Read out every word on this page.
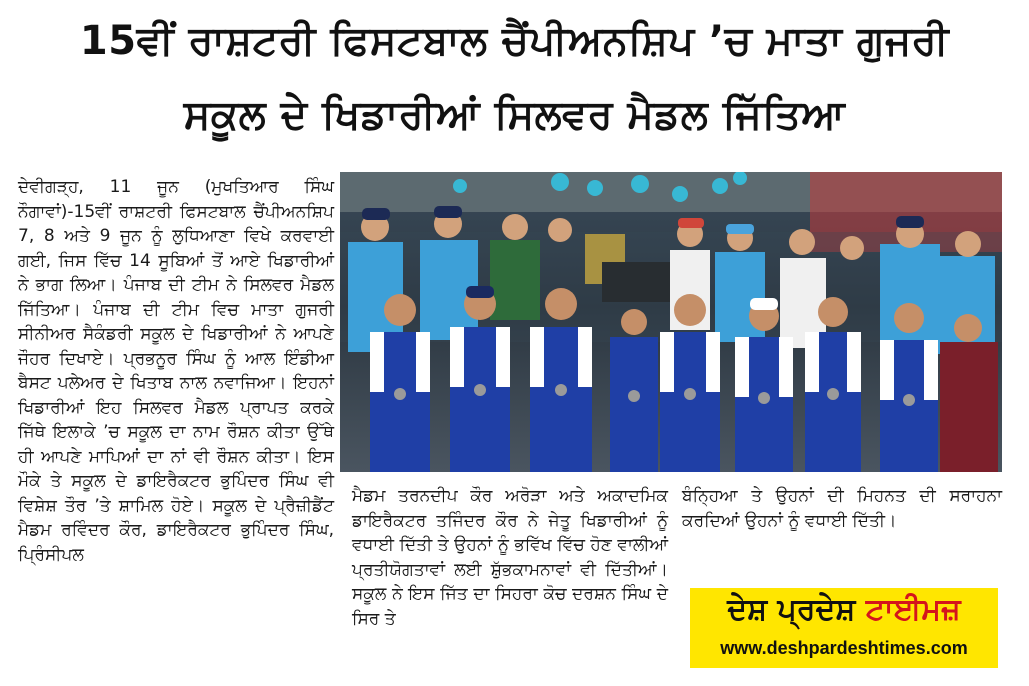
15ਵੀਂ ਰਾਸ਼ਟਰੀ ਫਿਸਟਬਾਲ ਚੈਂਪੀਅਨਸ਼ਿਪ ’ਚ ਮਾਤਾ ਗੁਜਰੀ
ਸਕੂਲ ਦੇ ਖਿਡਾਰੀਆਂ ਸਿਲਵਰ ਮੈਡਲ ਜਿੱਤਿਆ

ਦੇਵੀਗੜ੍ਹ, 11 ਜੂਨ (ਮੁਖਤਿਆਰ ਸਿੰਘ ਨੌਗਾਵਾਂ)-15ਵੀਂ ਰਾਸ਼ਟਰੀ ਫਿਸਟਬਾਲ ਚੈਂਪੀਅਨਸ਼ਿਪ 7, 8 ਅਤੇ 9 ਜੂਨ ਨੂੰ ਲੁਧਿਆਣਾ ਵਿਖੇ ਕਰਵਾਈ ਗਈ, ਜਿਸ ਵਿੱਚ 14 ਸੂਬਿਆਂ ਤੋਂ ਆਏ ਖਿਡਾਰੀਆਂ ਨੇ ਭਾਗ ਲਿਆ। ਪੰਜਾਬ ਦੀ ਟੀਮ ਨੇ ਸਿਲਵਰ ਮੈਡਲ ਜਿੱਤਿਆ। ਪੰਜਾਬ ਦੀ ਟੀਮ ਵਿਚ ਮਾਤਾ ਗੁਜਰੀ ਸੀਨੀਅਰ ਸੈਕੰਡਰੀ ਸਕੂਲ ਦੇ ਖਿਡਾਰੀਆਂ ਨੇ ਆਪਣੇ ਜੌਹਰ ਦਿਖਾਏ। ਪ੍ਰਭਨੂਰ ਸਿੰਘ ਨੂੰ ਆਲ ਇੰਡੀਆ ਬੈਸਟ ਪਲੇਅਰ ਦੇ ਖਿਤਾਬ ਨਾਲ ਨਵਾਜਿਆ। ਇਹਨਾਂ ਖਿਡਾਰੀਆਂ ਇਹ ਸਿਲਵਰ ਮੈਡਲ ਪ੍ਰਾਪਤ ਕਰਕੇ ਜਿੱਥੇ ਇਲਾਕੇ ’ਚ ਸਕੂਲ ਦਾ ਨਾਮ ਰੌਸ਼ਨ ਕੀਤਾ ਉੱਥੇ ਹੀ ਆਪਣੇ ਮਾਪਿਆਂ ਦਾ ਨਾਂ ਵੀ ਰੌਸ਼ਨ ਕੀਤਾ। ਇਸ ਮੌਕੇ ਤੇ ਸਕੂਲ ਦੇ ਡਾਇਰੈਕਟਰ ਭੁਪਿੰਦਰ ਸਿੰਘ ਵੀ ਵਿਸ਼ੇਸ਼ ਤੌਰ ’ਤੇ ਸ਼ਾਮਿਲ ਹੋਏ। ਸਕੂਲ ਦੇ ਪ੍ਰੈਜ਼ੀਡੈਂਟ ਮੈਡਮ ਰਵਿੰਦਰ ਕੌਰ, ਡਾਇਰੈਕਟਰ ਭੁਪਿੰਦਰ ਸਿੰਘ, ਪ੍ਰਿੰਸੀਪਲ

ਮੈਡਮ ਤਰਨਦੀਪ ਕੌਰ ਅਰੋੜਾ ਅਤੇ ਅਕਾਦਮਿਕ ਡਾਇਰੈਕਟਰ ਤਜਿੰਦਰ ਕੌਰ ਨੇ ਜੇਤੂ ਖਿਡਾਰੀਆਂ ਨੂੰ ਵਧਾਈ ਦਿੱਤੀ ਤੇ ਉਹਨਾਂ ਨੂੰ ਭਵਿੱਖ ਵਿੱਚ ਹੋਣ ਵਾਲੀਆਂ ਪ੍ਰਤੀਯੋਗਤਾਵਾਂ ਲਈ ਸ਼ੁੱਭਕਾਮਨਾਵਾਂ ਵੀ ਦਿੱਤੀਆਂ। ਸਕੂਲ ਨੇ ਇਸ ਜਿੱਤ ਦਾ ਸਿਹਰਾ ਕੋਚ ਦਰਸ਼ਨ ਸਿੰਘ ਦੇ ਸਿਰ ਤੇ

ਬੰਨ੍ਹਿਆ ਤੇ ਉਹਨਾਂ ਦੀ ਮਿਹਨਤ ਦੀ ਸਰਾਹਨਾ ਕਰਦਿਆਂ ਉਹਨਾਂ ਨੂੰ ਵਧਾਈ ਦਿੱਤੀ।

ਦੇਸ਼ ਪ੍ਰਦੇਸ਼ ਟਾਈਮਜ਼
www.deshpardeshtimes.com
